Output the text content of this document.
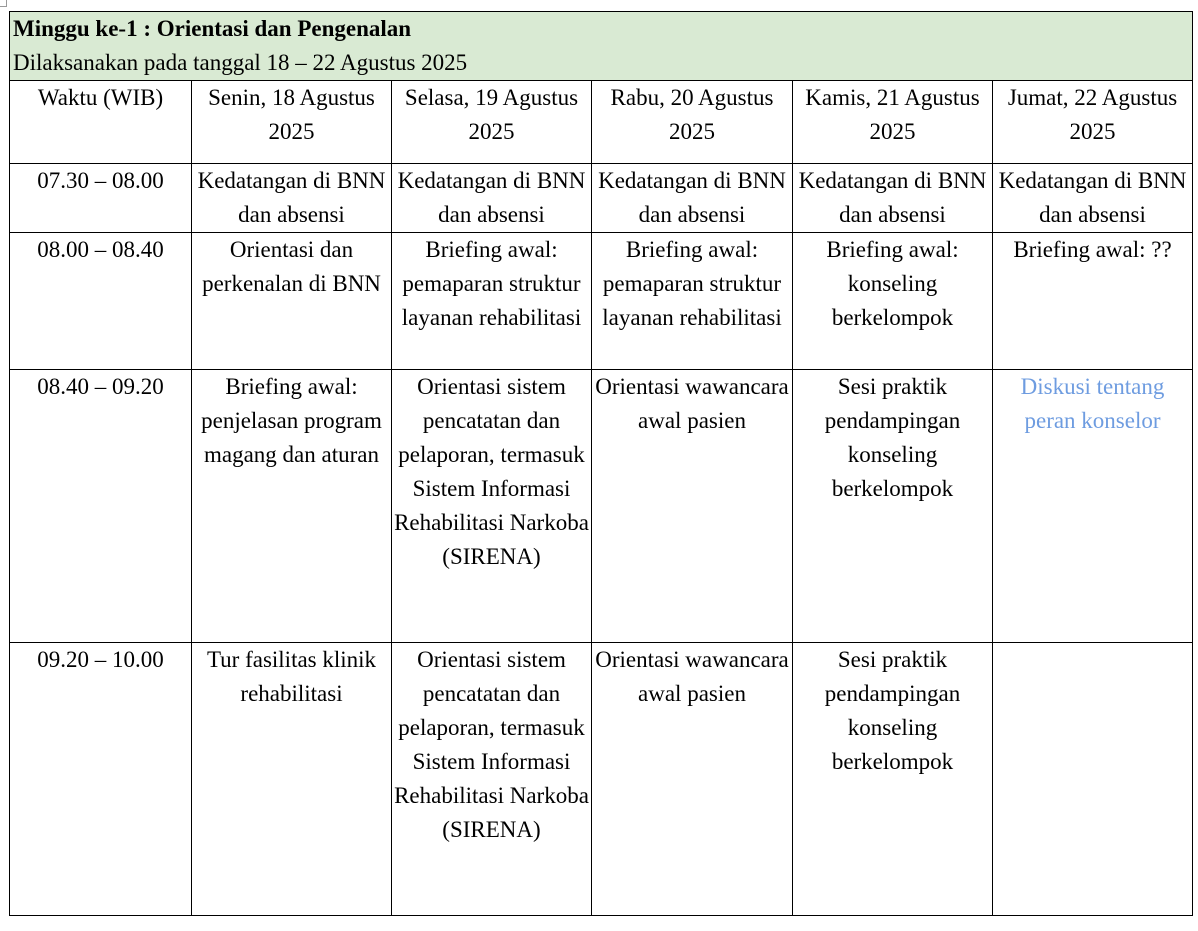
Minggu ke-1 : Orientasi dan Pengenalan
Dilaksanakan pada tanggal 18 – 22 Agustus 2025					

Waktu (WIB)	Senin, 18 Agustus 2025	Selasa, 19 Agustus 2025	Rabu, 20 Agustus 2025	Kamis, 21 Agustus 2025	Jumat, 22 Agustus 2025
07.30 – 08.00	Kedatangan di BNN dan absensi	Kedatangan di BNN dan absensi	Kedatangan di BNN dan absensi	Kedatangan di BNN dan absensi	Kedatangan di BNN dan absensi
08.00 – 08.40	Orientasi dan perkenalan di BNN	Briefing awal: pemaparan struktur layanan rehabilitasi	Briefing awal: pemaparan struktur layanan rehabilitasi	Briefing awal: konseling berkelompok	Briefing awal: ??
08.40 – 09.20	Briefing awal: penjelasan program magang dan aturan	Orientasi sistem pencatatan dan pelaporan, termasuk Sistem Informasi Rehabilitasi Narkoba (SIRENA)	Orientasi wawancara awal pasien	Sesi praktik pendampingan konseling berkelompok	Diskusi tentang peran konselor
09.20 – 10.00	Tur fasilitas klinik rehabilitasi	Orientasi sistem pencatatan dan pelaporan, termasuk Sistem Informasi Rehabilitasi Narkoba (SIRENA)	Orientasi wawancara awal pasien	Sesi praktik pendampingan konseling berkelompok	
